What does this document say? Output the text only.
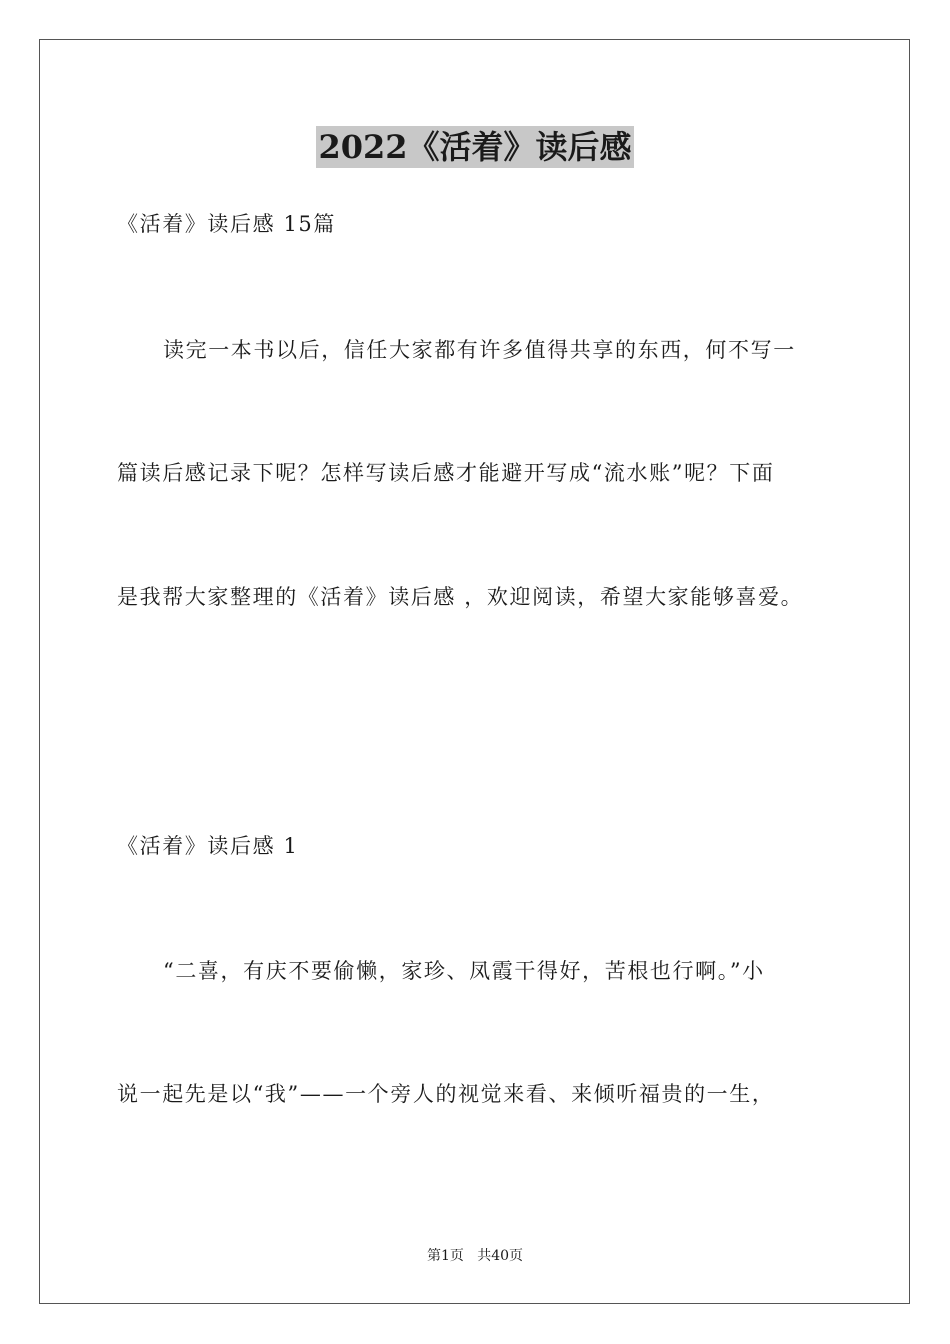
2022《活着》读后感
《活着》读后感 15篇
读完一本书以后，信任大家都有许多值得共享的东西，何不写一
篇读后感记录下呢？怎样写读后感才能避开写成“流水账”呢？下面
是我帮大家整理的《活着》读后感 ，欢迎阅读，希望大家能够喜爱。
《活着》读后感 1
“二喜，有庆不要偷懒，家珍、凤霞干得好，苦根也行啊。”小
说一起先是以“我”——一个旁人的视觉来看、来倾听福贵的一生，
第1页   共40页
